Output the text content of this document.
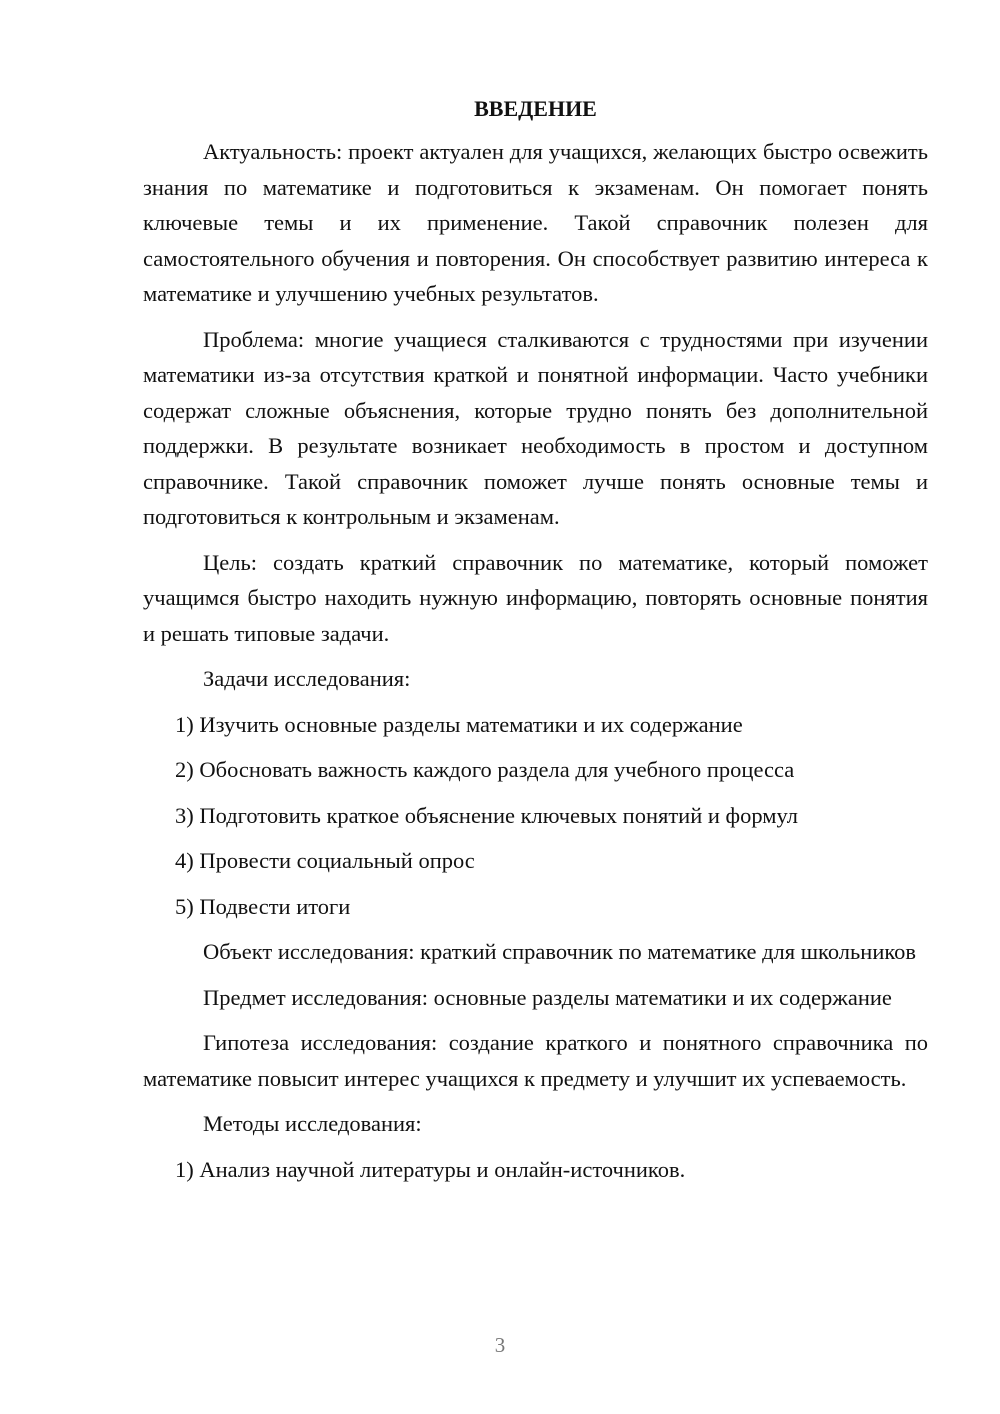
ВВЕДЕНИЕ

Актуальность: проект актуален для учащихся, желающих быстро освежить знания по математике и подготовиться к экзаменам. Он помогает понять ключевые темы и их применение. Такой справочник полезен для самостоятельного обучения и повторения. Он способствует развитию интереса к математике и улучшению учебных результатов.

Проблема: многие учащиеся сталкиваются с трудностями при изучении математики из-за отсутствия краткой и понятной информации. Часто учебники содержат сложные объяснения, которые трудно понять без дополнительной поддержки. В результате возникает необходимость в простом и доступном справочнике. Такой справочник поможет лучше понять основные темы и подготовиться к контрольным и экзаменам.

Цель: создать краткий справочник по математике, который поможет учащимся быстро находить нужную информацию, повторять основные понятия и решать типовые задачи.

Задачи исследования:

1) Изучить основные разделы математики и их содержание
2) Обосновать важность каждого раздела для учебного процесса
3) Подготовить краткое объяснение ключевых понятий и формул
4) Провести социальный опрос
5) Подвести итоги

Объект исследования: краткий справочник по математике для школьников

Предмет исследования: основные разделы математики и их содержание

Гипотеза исследования: создание краткого и понятного справочника по математике повысит интерес учащихся к предмету и улучшит их успеваемость.

Методы исследования:

1) Анализ научной литературы и онлайн-источников.
3
